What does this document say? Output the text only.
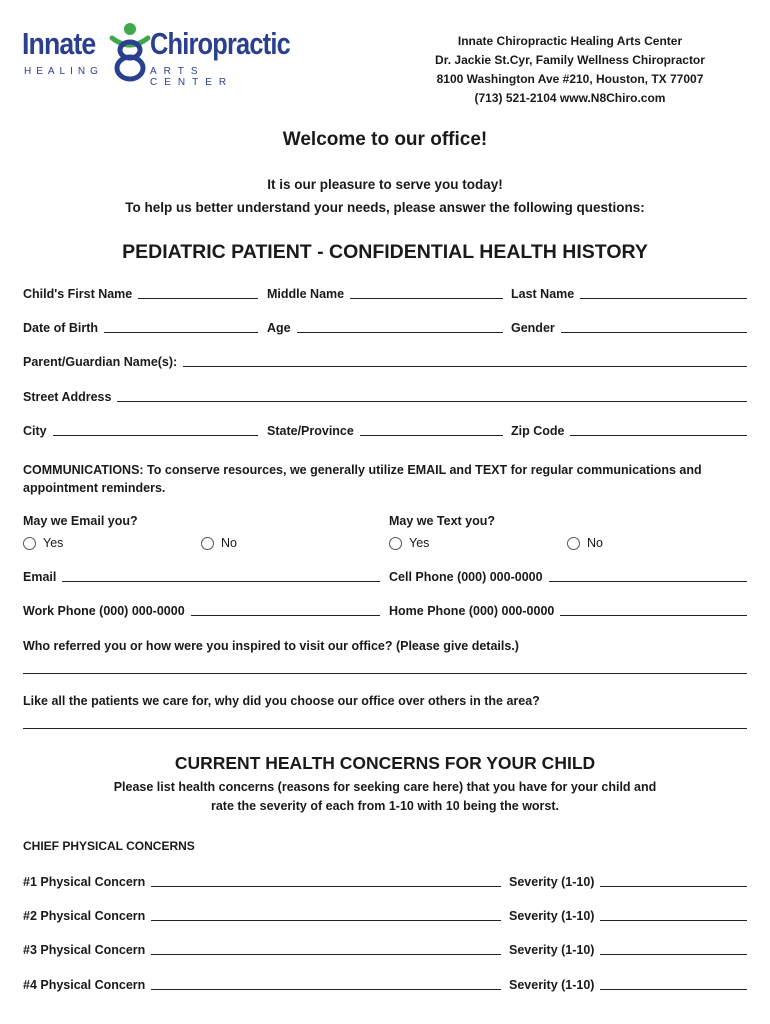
Innate Chiropractic
HEALING	ARTS CENTER
Innate Chiropractic Healing Arts Center
Dr. Jackie St.Cyr, Family Wellness Chiropractor
8100 Washington Ave #210, Houston, TX 77007
(713) 521-2104 www.N8Chiro.com
Welcome to our office!
It is our pleasure to serve you today!
To help us better understand your needs, please answer the following questions:
PEDIATRIC PATIENT - CONFIDENTIAL HEALTH HISTORY
Child's First Name	Middle Name	Last Name
Date of Birth	Age	Gender
Parent/Guardian Name(s):
Street Address
City	State/Province	Zip Code
COMMUNICATIONS: To conserve resources, we generally utilize EMAIL and TEXT for regular communications and appointment reminders.
May we Email you?	May we Text you?
Yes	No	Yes	No
Email	Cell Phone (000) 000-0000
Work Phone (000) 000-0000	Home Phone (000) 000-0000
Who referred you or how were you inspired to visit our office? (Please give details.)
Like all the patients we care for, why did you choose our office over others in the area?
CURRENT HEALTH CONCERNS FOR YOUR CHILD
Please list health concerns (reasons for seeking care here) that you have for your child and
rate the severity of each from 1-10 with 10 being the worst.
CHIEF PHYSICAL CONCERNS
#1 Physical Concern	Severity (1-10)
#2 Physical Concern	Severity (1-10)
#3 Physical Concern	Severity (1-10)
#4 Physical Concern	Severity (1-10)
